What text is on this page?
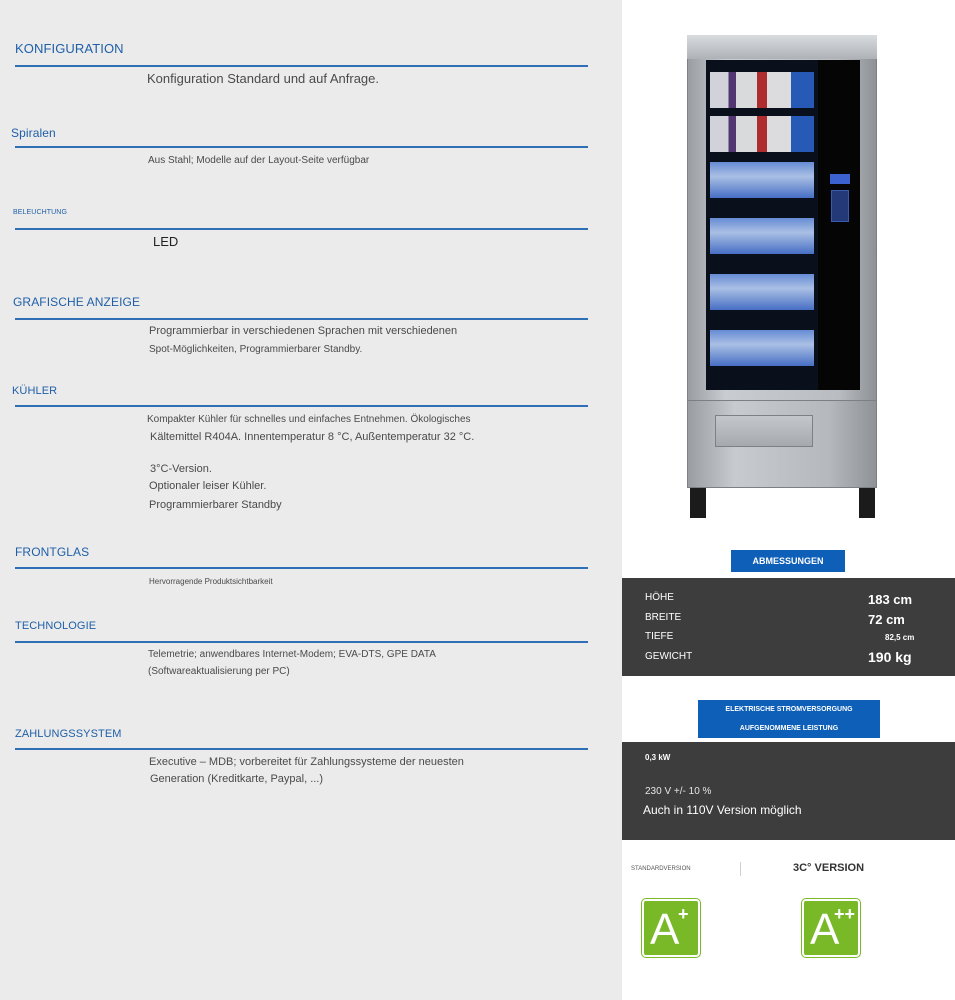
KONFIGURATION
Konfiguration Standard und auf Anfrage.
Spiralen
Aus Stahl; Modelle auf der Layout-Seite verfügbar
BELEUCHTUNG
LED
GRAFISCHE ANZEIGE
Programmierbar in verschiedenen Sprachen mit verschiedenen
Spot-Möglichkeiten, Programmierbarer Standby.
KÜHLER
Kompakter Kühler für schnelles und einfaches Entnehmen. Ökologisches
Kältemittel R404A. Innentemperatur 8 °C, Außentemperatur 32 °C.
3°C-Version.
Optionaler leiser Kühler.
Programmierbarer Standby
FRONTGLAS
Hervorragende Produktsichtbarkeit
TECHNOLOGIE
Telemetrie; anwendbares Internet-Modem; EVA-DTS, GPE DATA
(Softwareaktualisierung per PC)
ZAHLUNGSSYSTEM
Executive – MDB; vorbereitet für Zahlungssysteme der neuesten
Generation (Kreditkarte, Paypal, ...)
ABMESSUNGEN
HÖHE	183 cm
BREITE	72 cm
TIEFE	82,5 cm
GEWICHT	190 kg
ELEKTRISCHE STROMVERSORGUNG
AUFGENOMMENE LEISTUNG
0,3 kW
230 V +/- 10 %
Auch in 110V Version möglich
STANDARDVERSION	3C° VERSION
A
+	A
++
